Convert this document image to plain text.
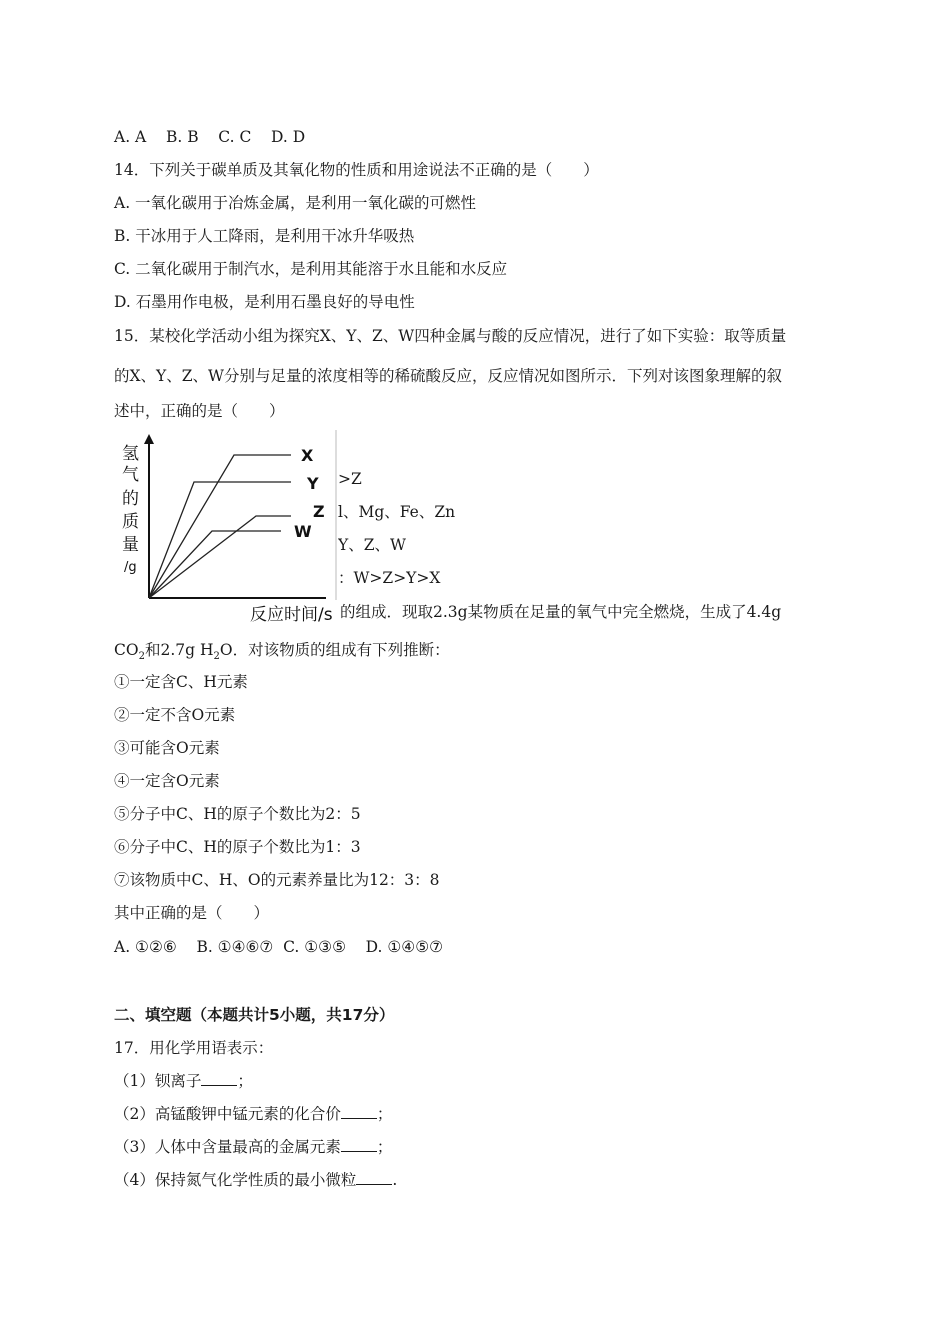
A. A    B. B    C. C    D. D
14．下列关于碳单质及其氧化物的性质和用途说法不正确的是（　　）
A. 一氧化碳用于冶炼金属，是利用一氧化碳的可燃性
B. 干冰用于人工降雨，是利用干冰升华吸热
C. 二氧化碳用于制汽水，是利用其能溶于水且能和水反应
D. 石墨用作电极，是利用石墨良好的导电性
15．某校化学活动小组为探究X、Y、Z、W四种金属与酸的反应情况，进行了如下实验：取等质量
的X、Y、Z、W分别与足量的浓度相等的稀硫酸反应，反应情况如图所示．下列对该图象理解的叙
述中，正确的是（　　）
>Z
l、Mg、Fe、Zn
Y、Z、W
：W>Z>Y>X
X
Y
Z
W
氢
气
的
质
量
/g
反应时间/s 的组成．现取2.3g某物质在足量的氧气中完全燃烧，生成了4.4g
$CO_2$和2.7g $H_2O$．对该物质的组成有下列推断：
①一定含C、H元素
②一定不含O元素
③可能含O元素
④一定含O元素
⑤分子中C、H的原子个数比为2：5
⑥分子中C、H的原子个数比为1：3
⑦该物质中C、H、O的元素养量比为12：3：8
其中正确的是（　　）
A. ①②⑥    B. ①④⑥⑦  C. ①③⑤    D. ①④⑤⑦
二、填空题（本题共计5小题，共17分）
17．用化学用语表示：
（1）钡离子 ；
（2）高锰酸钾中锰元素的化合价 ；
（3）人体中含量最高的金属元素 ；
（4）保持氮气化学性质的最小微粒 .
